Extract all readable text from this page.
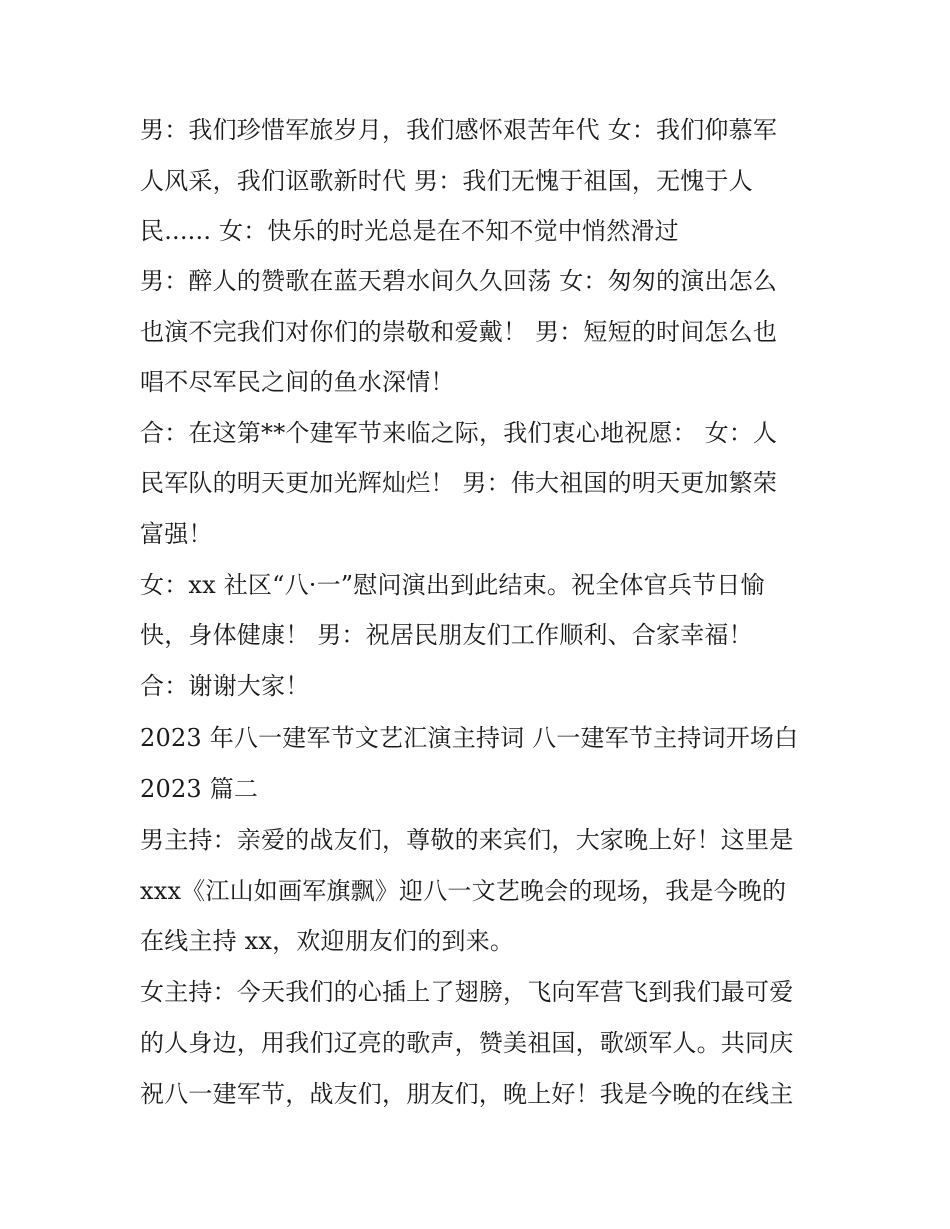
男：我们珍惜军旅岁月，我们感怀艰苦年代 女：我们仰慕军
人风采，我们讴歌新时代 男：我们无愧于祖国，无愧于人
民...... 女：快乐的时光总是在不知不觉中悄然滑过
男：醉人的赞歌在蓝天碧水间久久回荡 女：匆匆的演出怎么
也演不完我们对你们的崇敬和爱戴！ 男：短短的时间怎么也
唱不尽军民之间的鱼水深情！
合：在这第**个建军节来临之际，我们衷心地祝愿： 女：人
民军队的明天更加光辉灿烂！ 男：伟大祖国的明天更加繁荣
富强！
女：xx 社区“八·一”慰问演出到此结束。祝全体官兵节日愉
快，身体健康！ 男：祝居民朋友们工作顺利、合家幸福！
合：谢谢大家！
2023 年八一建军节文艺汇演主持词 八一建军节主持词开场白
2023 篇二
男主持：亲爱的战友们，尊敬的来宾们，大家晚上好！这里是
xxx《江山如画军旗飘》迎八一文艺晚会的现场，我是今晚的
在线主持 xx，欢迎朋友们的到来。
女主持：今天我们的心插上了翅膀，飞向军营飞到我们最可爱
的人身边，用我们辽亮的歌声，赞美祖国，歌颂军人。共同庆
祝八一建军节，战友们，朋友们，晚上好！我是今晚的在线主
